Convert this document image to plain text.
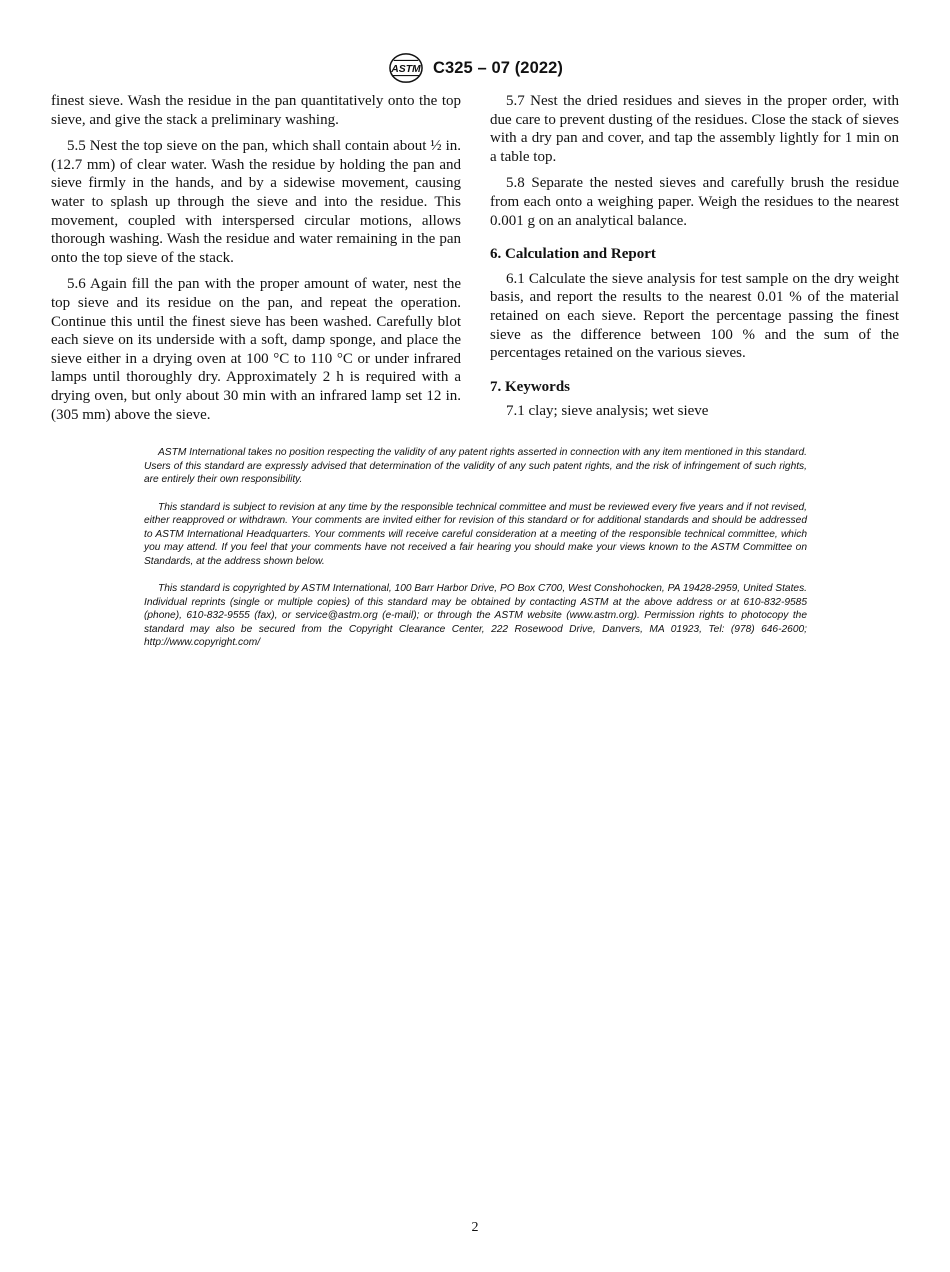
ASTM C325 – 07 (2022)

finest sieve. Wash the residue in the pan quantitatively onto the top sieve, and give the stack a preliminary washing.

5.5 Nest the top sieve on the pan, which shall contain about ½ in. (12.7 mm) of clear water. Wash the residue by holding the pan and sieve firmly in the hands, and by a sidewise movement, causing water to splash up through the sieve and into the residue. This movement, coupled with interspersed circular motions, allows thorough washing. Wash the residue and water remaining in the pan onto the top sieve of the stack.

5.6 Again fill the pan with the proper amount of water, nest the top sieve and its residue on the pan, and repeat the operation. Continue this until the finest sieve has been washed. Carefully blot each sieve on its underside with a soft, damp sponge, and place the sieve either in a drying oven at 100 °C to 110 °C or under infrared lamps until thoroughly dry. Approximately 2 h is required with a drying oven, but only about 30 min with an infrared lamp set 12 in. (305 mm) above the sieve.

5.7 Nest the dried residues and sieves in the proper order, with due care to prevent dusting of the residues. Close the stack of sieves with a dry pan and cover, and tap the assembly lightly for 1 min on a table top.

5.8 Separate the nested sieves and carefully brush the residue from each onto a weighing paper. Weigh the residues to the nearest 0.001 g on an analytical balance.

6. Calculation and Report

6.1 Calculate the sieve analysis for test sample on the dry weight basis, and report the results to the nearest 0.01 % of the material retained on each sieve. Report the percentage passing the finest sieve as the difference between 100 % and the sum of the percentages retained on the various sieves.

7. Keywords

7.1 clay; sieve analysis; wet sieve

ASTM International takes no position respecting the validity of any patent rights asserted in connection with any item mentioned in this standard. Users of this standard are expressly advised that determination of the validity of any such patent rights, and the risk of infringement of such rights, are entirely their own responsibility.

This standard is subject to revision at any time by the responsible technical committee and must be reviewed every five years and if not revised, either reapproved or withdrawn. Your comments are invited either for revision of this standard or for additional standards and should be addressed to ASTM International Headquarters. Your comments will receive careful consideration at a meeting of the responsible technical committee, which you may attend. If you feel that your comments have not received a fair hearing you should make your views known to the ASTM Committee on Standards, at the address shown below.

This standard is copyrighted by ASTM International, 100 Barr Harbor Drive, PO Box C700, West Conshohocken, PA 19428-2959, United States. Individual reprints (single or multiple copies) of this standard may be obtained by contacting ASTM at the above address or at 610-832-9585 (phone), 610-832-9555 (fax), or service@astm.org (e-mail); or through the ASTM website (www.astm.org). Permission rights to photocopy the standard may also be secured from the Copyright Clearance Center, 222 Rosewood Drive, Danvers, MA 01923, Tel: (978) 646-2600; http://www.copyright.com/

2
